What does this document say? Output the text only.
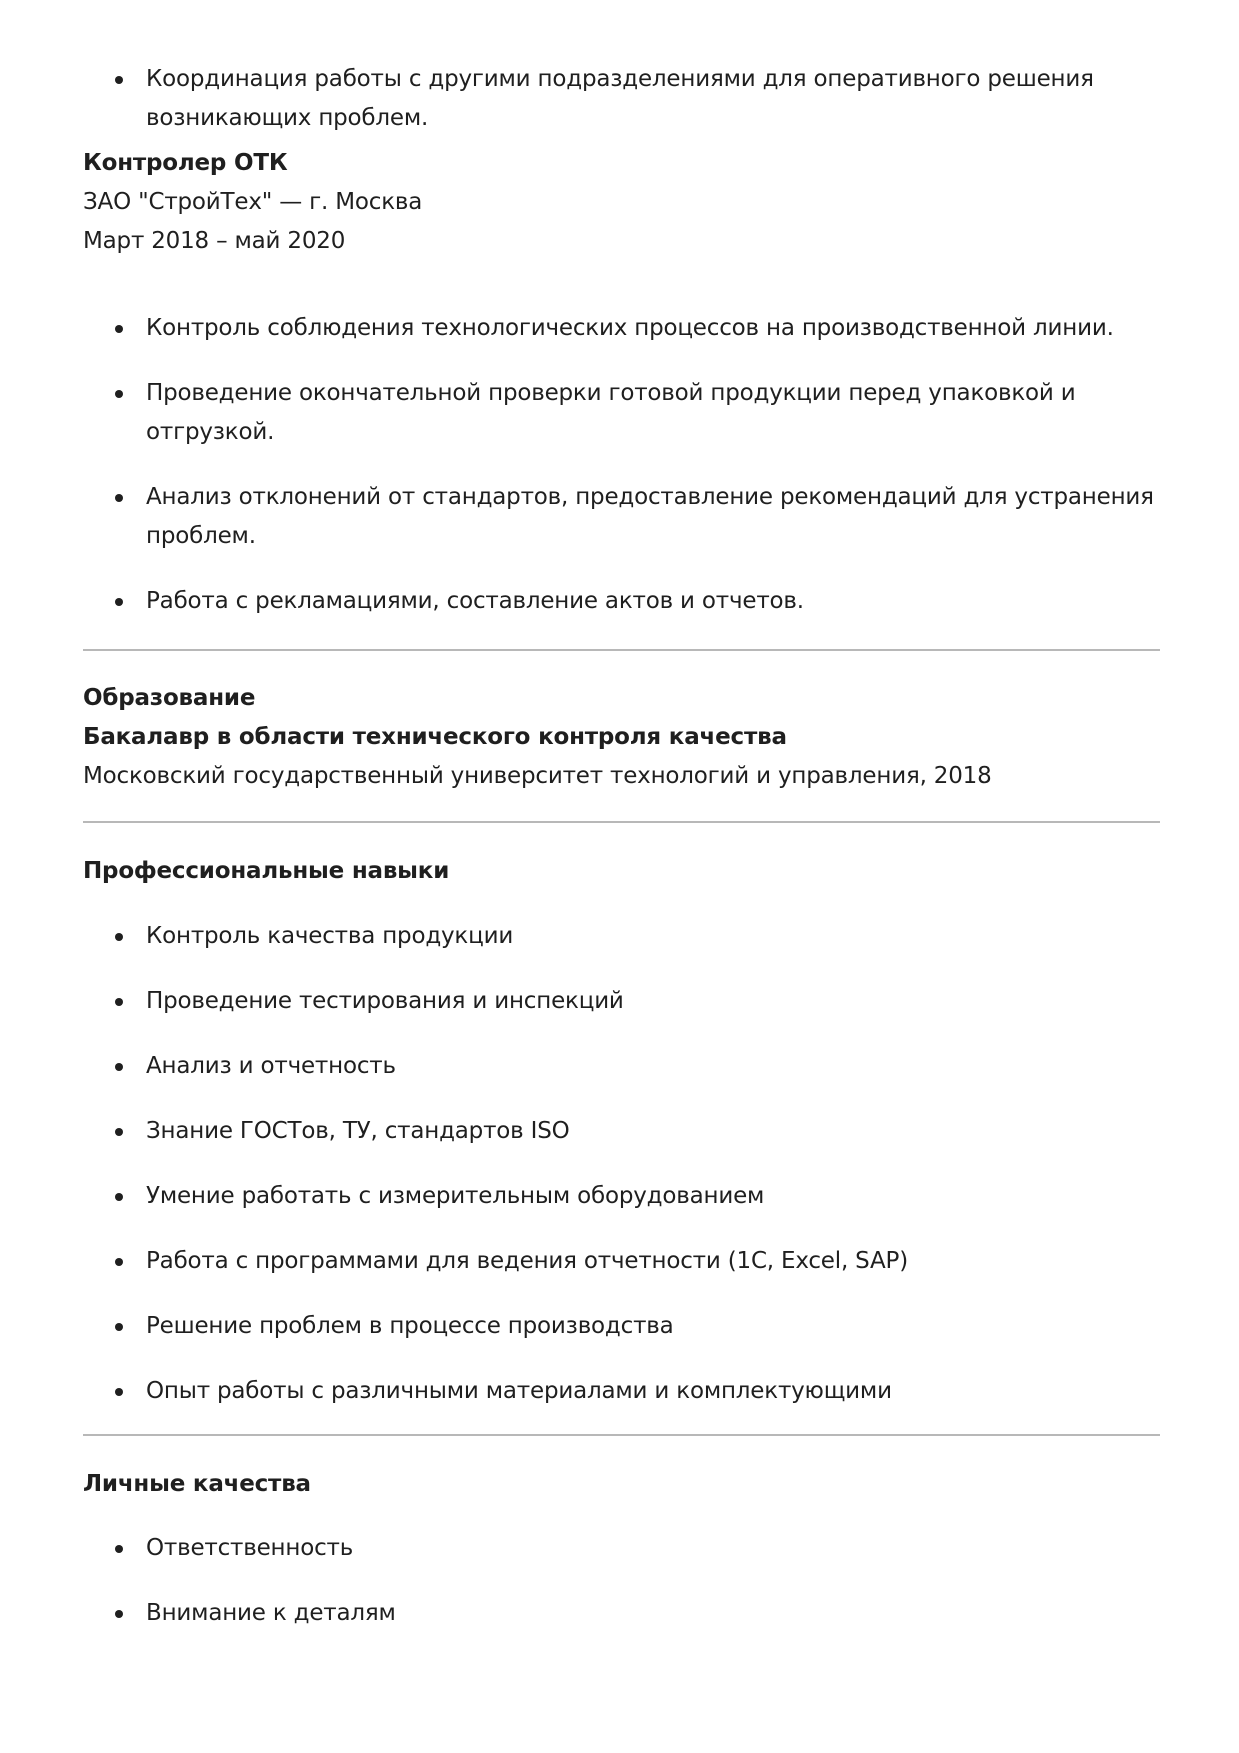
Координация работы с другими подразделениями для оперативного решения возникающих проблем.
Контролер ОТК
ЗАО "СтройТех" — г. Москва
Март 2018 – май 2020
Контроль соблюдения технологических процессов на производственной линии.
Проведение окончательной проверки готовой продукции перед упаковкой и отгрузкой.
Анализ отклонений от стандартов, предоставление рекомендаций для устранения проблем.
Работа с рекламациями, составление актов и отчетов.
Образование
Бакалавр в области технического контроля качества
Московский государственный университет технологий и управления, 2018
Профессиональные навыки
Контроль качества продукции
Проведение тестирования и инспекций
Анализ и отчетность
Знание ГОСТов, ТУ, стандартов ISO
Умение работать с измерительным оборудованием
Работа с программами для ведения отчетности (1С, Excel, SAP)
Решение проблем в процессе производства
Опыт работы с различными материалами и комплектующими
Личные качества
Ответственность
Внимание к деталям
